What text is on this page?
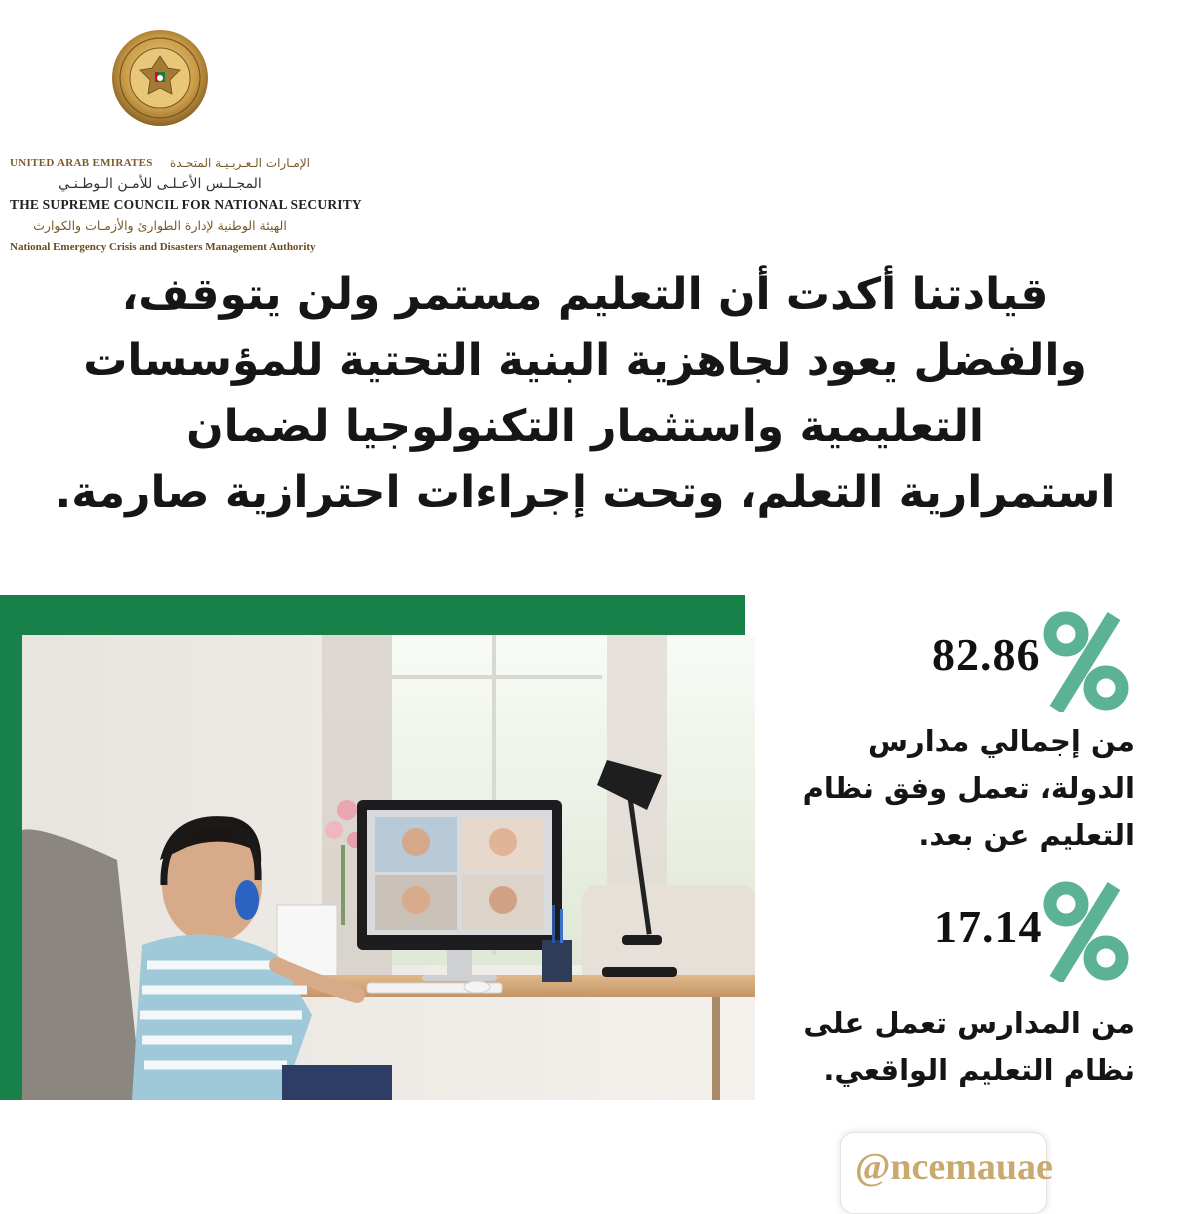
UNITED ARAB EMIRATES الإمـارات الـعـربـيـة المتحـدة
المجـلـس الأعـلـى للأمـن الـوطـنـي
THE SUPREME COUNCIL FOR NATIONAL SECURITY
الهيئة الوطنية لإدارة الطوارئ والأزمـات والكوارث
National Emergency Crisis and Disasters Management Authority
قيادتنا أكدت أن التعليم مستمر ولن يتوقف،
والفضل يعود لجاهزية البنية التحتية للمؤسسات
التعليمية واستثمار التكنولوجيا لضمان
استمرارية التعلم، وتحت إجراءات احترازية صارمة.
82.86
من إجمالي مدارس
الدولة، تعمل وفق نظام
التعليم عن بعد.
17.14
من المدارس تعمل على
نظام التعليم الواقعي.
@ncemauae
